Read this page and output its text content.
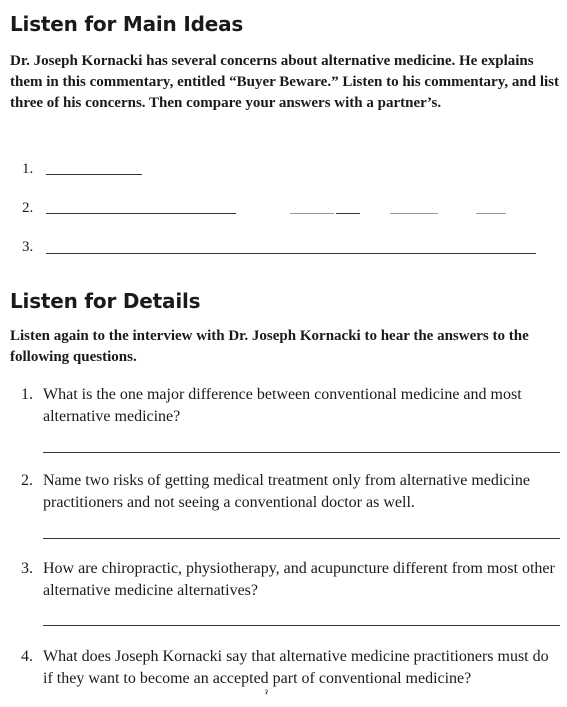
Listen for Main Ideas

Dr. Joseph Kornacki has several concerns about alternative medicine. He explains them in this commentary, entitled “Buyer Beware.” Listen to his commentary, and list three of his concerns. Then compare your answers with a partner’s.

1.
2.
3.
Listen for Details

Listen again to the interview with Dr. Joseph Kornacki to hear the answers to the following questions.

1. What is the one major difference between conventional medicine and most alternative medicine?

2. Name two risks of getting medical treatment only from alternative medicine practitioners and not seeing a conventional doctor as well.

3. How are chiropractic, physiotherapy, and acupuncture different from most other alternative medicine alternatives?

4. What does Joseph Kornacki say that alternative medicine practitioners must do if they want to become an accepted part of conventional medicine?

ˀ
